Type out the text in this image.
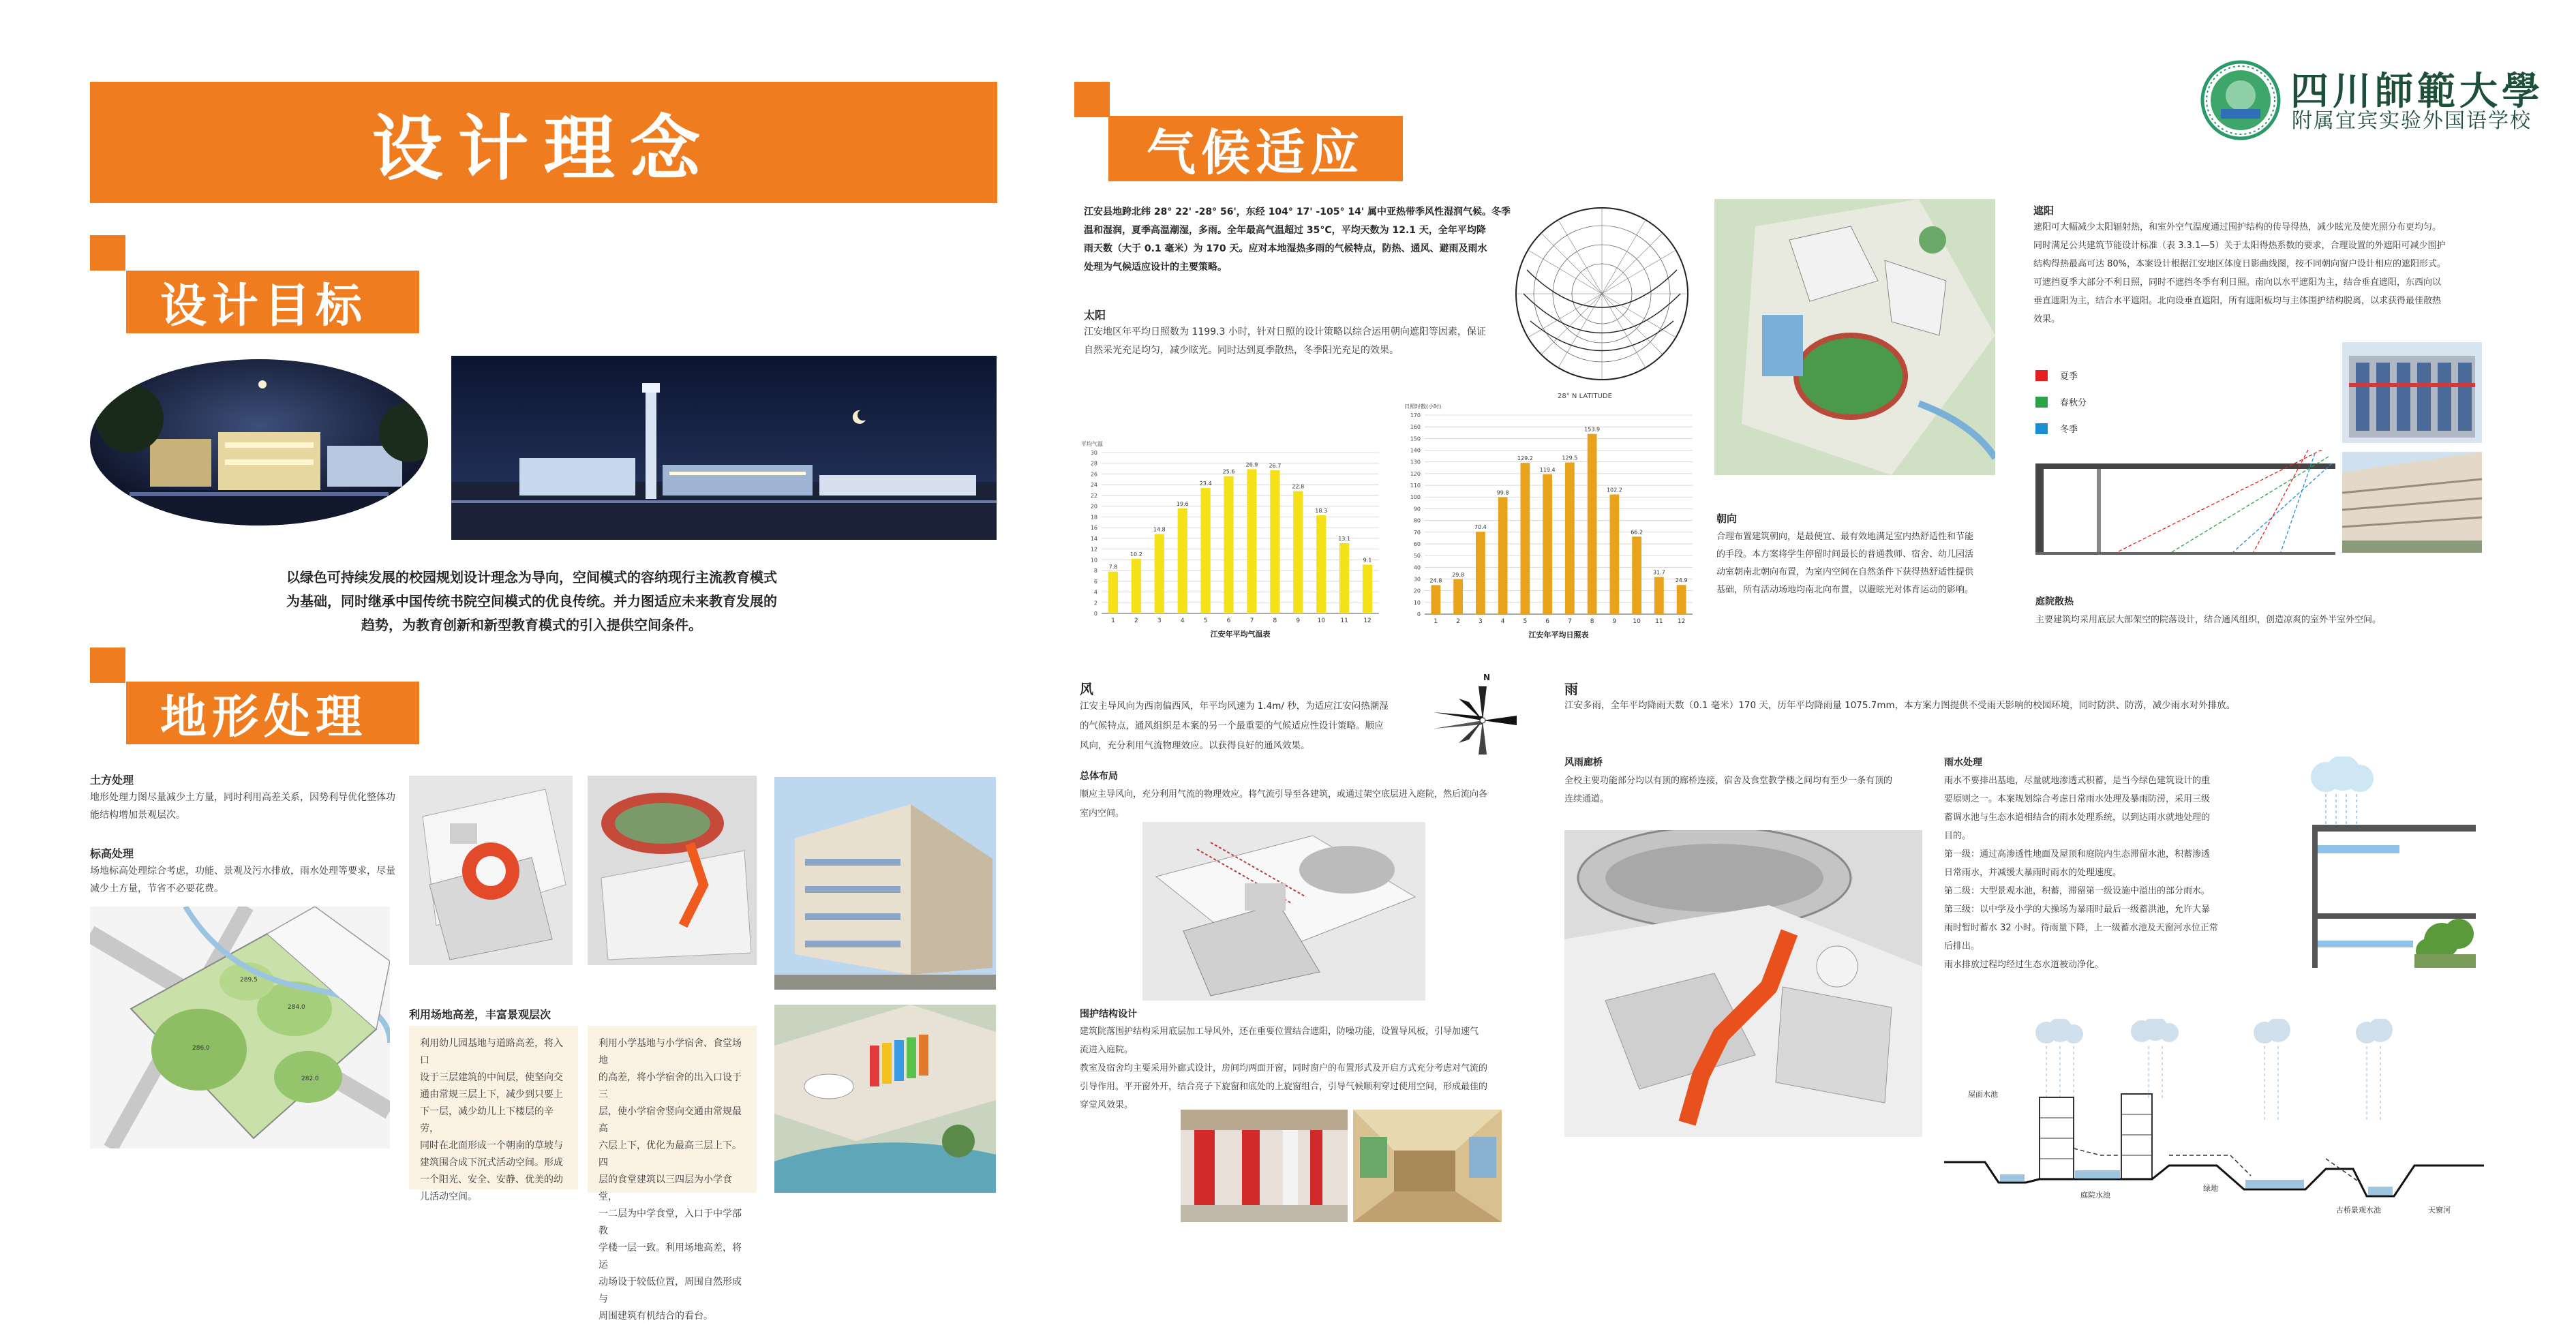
四川師範大學
附属宜宾实验外国语学校
设计理念
设计目标
以绿色可持续发展的校园规划设计理念为导向，空间模式的容纳现行主流教育模式
为基础，同时继承中国传统书院空间模式的优良传统。并力图适应未来教育发展的
趋势，为教育创新和新型教育模式的引入提供空间条件。
地形处理
土方处理
地形处理力图尽量减少土方量，同时利用高差关系，因势利导优化整体功
能结构增加景观层次。
标高处理
场地标高处理综合考虑，功能、景观及污水排放，雨水处理等要求，尽量
减少土方量，节省不必要花费。
286.0
284.0
282.0
289.5
利用场地高差，丰富景观层次
利用幼儿园基地与道路高差，将入口
设于三层建筑的中间层，使坚向交
通由常规三层上下，减少到只要上
下一层，减少幼儿上下楼层的辛劳，
同时在北面形成一个朝南的草坡与
建筑围合成下沉式活动空间。形成
一个阳光、安全、安静、优美的幼
儿活动空间。
利用小学基地与小学宿舍、食堂场地
的高差，将小学宿舍的出入口设于三
层，使小学宿舍竖向交通由常规最高
六层上下，优化为最高三层上下。四
层的食堂建筑以三四层为小学食堂，
一二层为中学食堂，入口于中学部教
学楼一层一致。利用场地高差，将运
动场设于较低位置，周围自然形成与
周围建筑有机结合的看台。
气候适应
江安县地跨北纬 28° 22' -28° 56'，东经 104° 17' -105° 14' 属中亚热带季风性湿润气候。冬季
温和湿润，夏季高温潮湿，多雨。全年最高气温超过 35°C，平均天数为 12.1 天，全年平均降
雨天数（大于 0.1 毫米）为 170 天。应对本地湿热多雨的气候特点，防热、通风、避雨及雨水
处理为气候适应设计的主要策略。
太阳
江安地区年平均日照数为 1199.3 小时，针对日照的设计策略以综合运用朝向遮阳等因素，保证
自然采光充足均匀，减少眩光。同时达到夏季散热，冬季阳光充足的效果。
0
2
4
6
8
10
12
14
16
18
20
22
24
26
28
30
7.8
1
10.2
2
14.8
3
19.6
4
23.4
5
25.6
6
26.9
7
26.7
8
22.8
9
18.3
10
13.1
11
9.1
12
平均气温
江安年平均气温表
28° N LATITUDE
0
10
20
30
40
50
60
70
80
90
100
110
120
130
140
150
160
170
24.8
1
29.8
2
70.4
3
99.8
4
129.2
5
119.4
6
129.5
7
153.9
8
102.2
9
66.2
10
31.7
11
24.9
12
日照时数(小时)
江安年平均日照表
朝向
合理布置建筑朝向，是最便宜、最有效地满足室内热舒适性和节能
的手段。本方案将学生停留时间最长的普通教师、宿舍、幼儿园活
动室朝南北朝向布置，为室内空间在自然条件下获得热舒适性提供
基础，所有活动场地均南北向布置，以避眩光对体育运动的影响。
遮阳
遮阳可大幅减少太阳辐射热，和室外空气温度通过围护结构的传导得热，减少眩光及使光照分布更均匀。
同时满足公共建筑节能设计标准（表 3.3.1—5）关于太阳得热系数的要求，合理设置的外遮阳可减少围护
结构得热最高可达 80%，本案设计根据江安地区体度日影曲线图，按不同朝向窗户设计相应的遮阳形式。
可遮挡夏季大部分不利日照，同时不遮挡冬季有利日照。南向以水平遮阳为主，结合垂直遮阳，东西向以
垂直遮阳为主，结合水平遮阳。北向设垂直遮阳，所有遮阳板均与主体围护结构脱离，以求获得最佳散热
效果。
夏季
春秋分
冬季
庭院散热
主要建筑均采用底层大部架空的院落设计，结合通风组织，创造凉爽的室外半室外空间。
风
江安主导风向为西南偏西风，年平均风速为 1.4m/ 秒，为适应江安闷热潮湿
的气候特点，通风组织是本案的另一个最重要的气候适应性设计策略。顺应
风向，充分利用气流物理效应。以获得良好的通风效果。
N
总体布局
顺应主导风向，充分利用气流的物理效应。将气流引导至各建筑，或通过架空底层进入庭院，然后流向各
室内空间。
围护结构设计
建筑院落围护结构采用底层加工导风外，还在重要位置结合遮阳，防噪功能，设置导风板，引导加速气
流进入庭院。
教室及宿舍均主要采用外廊式设计，房间均两面开窗，同时窗户的布置形式及开启方式充分考虑对气流的
引导作用。平开窗外开，结合亮子下旋窗和底处的上旋窗组合，引导气候顺利穿过使用空间，形成最佳的
穿堂风效果。
雨
江安多雨，全年平均降雨天数（0.1 毫米）170 天，历年平均降雨量 1075.7mm，本方案力图提供不受雨天影响的校园环境，同时防洪、防涝，减少雨水对外排放。
风雨廊桥
全校主要功能部分均以有顶的廊桥连接，宿舍及食堂教学楼之间均有至少一条有顶的
连续通道。
雨水处理
雨水不要排出基地，尽量就地渗透式积蓄，是当今绿色建筑设计的重
要原则之一。本案规划综合考虑日常雨水处理及暴雨防涝，采用三级
蓄调水池与生态水道相结合的雨水处理系统，以到达雨水就地处理的
目的。
第一级：通过高渗透性地面及屋顶和庭院内生态滞留水池，积蓄渗透
日常雨水，并减缓大暴雨时雨水的处理速度。
第二级：大型景观水池，积蓄，滞留第一级设施中溢出的部分雨水。
第三级：以中学及小学的大操场为暴雨时最后一级蓄洪池，允许大暴
雨时暂时蓄水 32 小时。待雨量下降，上一级蓄水池及天窗河水位正常
后排出。
雨水排放过程均经过生态水道被动净化。
屋面水池
庭院水池
绿地
古桥景观水池	天窗河
